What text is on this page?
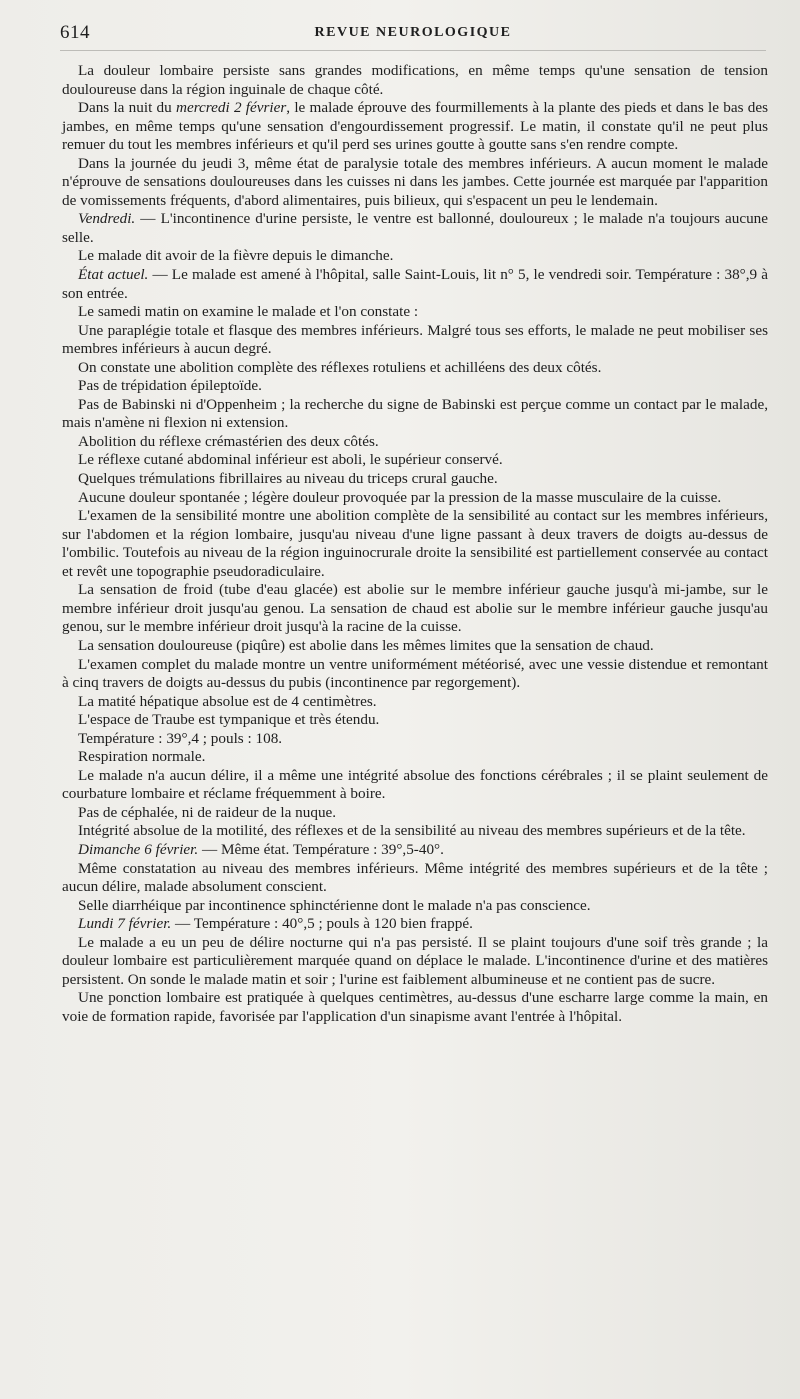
614	REVUE NEUROLOGIQUE

La douleur lombaire persiste sans grandes modifications, en même temps qu'une sensation de tension douloureuse dans la région inguinale de chaque côté.

Dans la nuit du mercredi 2 février, le malade éprouve des fourmillements à la plante des pieds et dans le bas des jambes, en même temps qu'une sensation d'engourdissement progressif. Le matin, il constate qu'il ne peut plus remuer du tout les membres inférieurs et qu'il perd ses urines goutte à goutte sans s'en rendre compte.

Dans la journée du jeudi 3, même état de paralysie totale des membres inférieurs. A aucun moment le malade n'éprouve de sensations douloureuses dans les cuisses ni dans les jambes. Cette journée est marquée par l'apparition de vomissements fréquents, d'abord alimentaires, puis bilieux, qui s'espacent un peu le lendemain.

Vendredi. — L'incontinence d'urine persiste, le ventre est ballonné, douloureux ; le malade n'a toujours aucune selle.

Le malade dit avoir de la fièvre depuis le dimanche.

État actuel. — Le malade est amené à l'hôpital, salle Saint-Louis, lit n° 5, le vendredi soir. Température : 38°,9 à son entrée.

Le samedi matin on examine le malade et l'on constate :

Une paraplégie totale et flasque des membres inférieurs. Malgré tous ses efforts, le malade ne peut mobiliser ses membres inférieurs à aucun degré.

On constate une abolition complète des réflexes rotuliens et achilléens des deux côtés.

Pas de trépidation épileptoïde.

Pas de Babinski ni d'Oppenheim ; la recherche du signe de Babinski est perçue comme un contact par le malade, mais n'amène ni flexion ni extension.

Abolition du réflexe crémastérien des deux côtés.

Le réflexe cutané abdominal inférieur est aboli, le supérieur conservé.

Quelques trémulations fibrillaires au niveau du triceps crural gauche.

Aucune douleur spontanée ; légère douleur provoquée par la pression de la masse musculaire de la cuisse.

L'examen de la sensibilité montre une abolition complète de la sensibilité au contact sur les membres inférieurs, sur l'abdomen et la région lombaire, jusqu'au niveau d'une ligne passant à deux travers de doigts au-dessus de l'ombilic. Toutefois au niveau de la région inguinocrurale droite la sensibilité est partiellement conservée au contact et revêt une topographie pseudoradiculaire.

La sensation de froid (tube d'eau glacée) est abolie sur le membre inférieur gauche jusqu'à mi-jambe, sur le membre inférieur droit jusqu'au genou. La sensation de chaud est abolie sur le membre inférieur gauche jusqu'au genou, sur le membre inférieur droit jusqu'à la racine de la cuisse.

La sensation douloureuse (piqûre) est abolie dans les mêmes limites que la sensation de chaud.

L'examen complet du malade montre un ventre uniformément météorisé, avec une vessie distendue et remontant à cinq travers de doigts au-dessus du pubis (incontinence par regorgement).

La matité hépatique absolue est de 4 centimètres.

L'espace de Traube est tympanique et très étendu.

Température : 39°,4 ; pouls : 108.

Respiration normale.

Le malade n'a aucun délire, il a même une intégrité absolue des fonctions cérébrales ; il se plaint seulement de courbature lombaire et réclame fréquemment à boire.

Pas de céphalée, ni de raideur de la nuque.

Intégrité absolue de la motilité, des réflexes et de la sensibilité au niveau des membres supérieurs et de la tête.

Dimanche 6 février. — Même état. Température : 39°,5-40°.

Même constatation au niveau des membres inférieurs. Même intégrité des membres supérieurs et de la tête ; aucun délire, malade absolument conscient.

Selle diarrhéique par incontinence sphinctérienne dont le malade n'a pas conscience.

Lundi 7 février. — Température : 40°,5 ; pouls à 120 bien frappé.

Le malade a eu un peu de délire nocturne qui n'a pas persisté. Il se plaint toujours d'une soif très grande ; la douleur lombaire est particulièrement marquée quand on déplace le malade. L'incontinence d'urine et des matières persistent. On sonde le malade matin et soir ; l'urine est faiblement albumineuse et ne contient pas de sucre.

Une ponction lombaire est pratiquée à quelques centimètres, au-dessus d'une escharre large comme la main, en voie de formation rapide, favorisée par l'application d'un sinapisme avant l'entrée à l'hôpital.
